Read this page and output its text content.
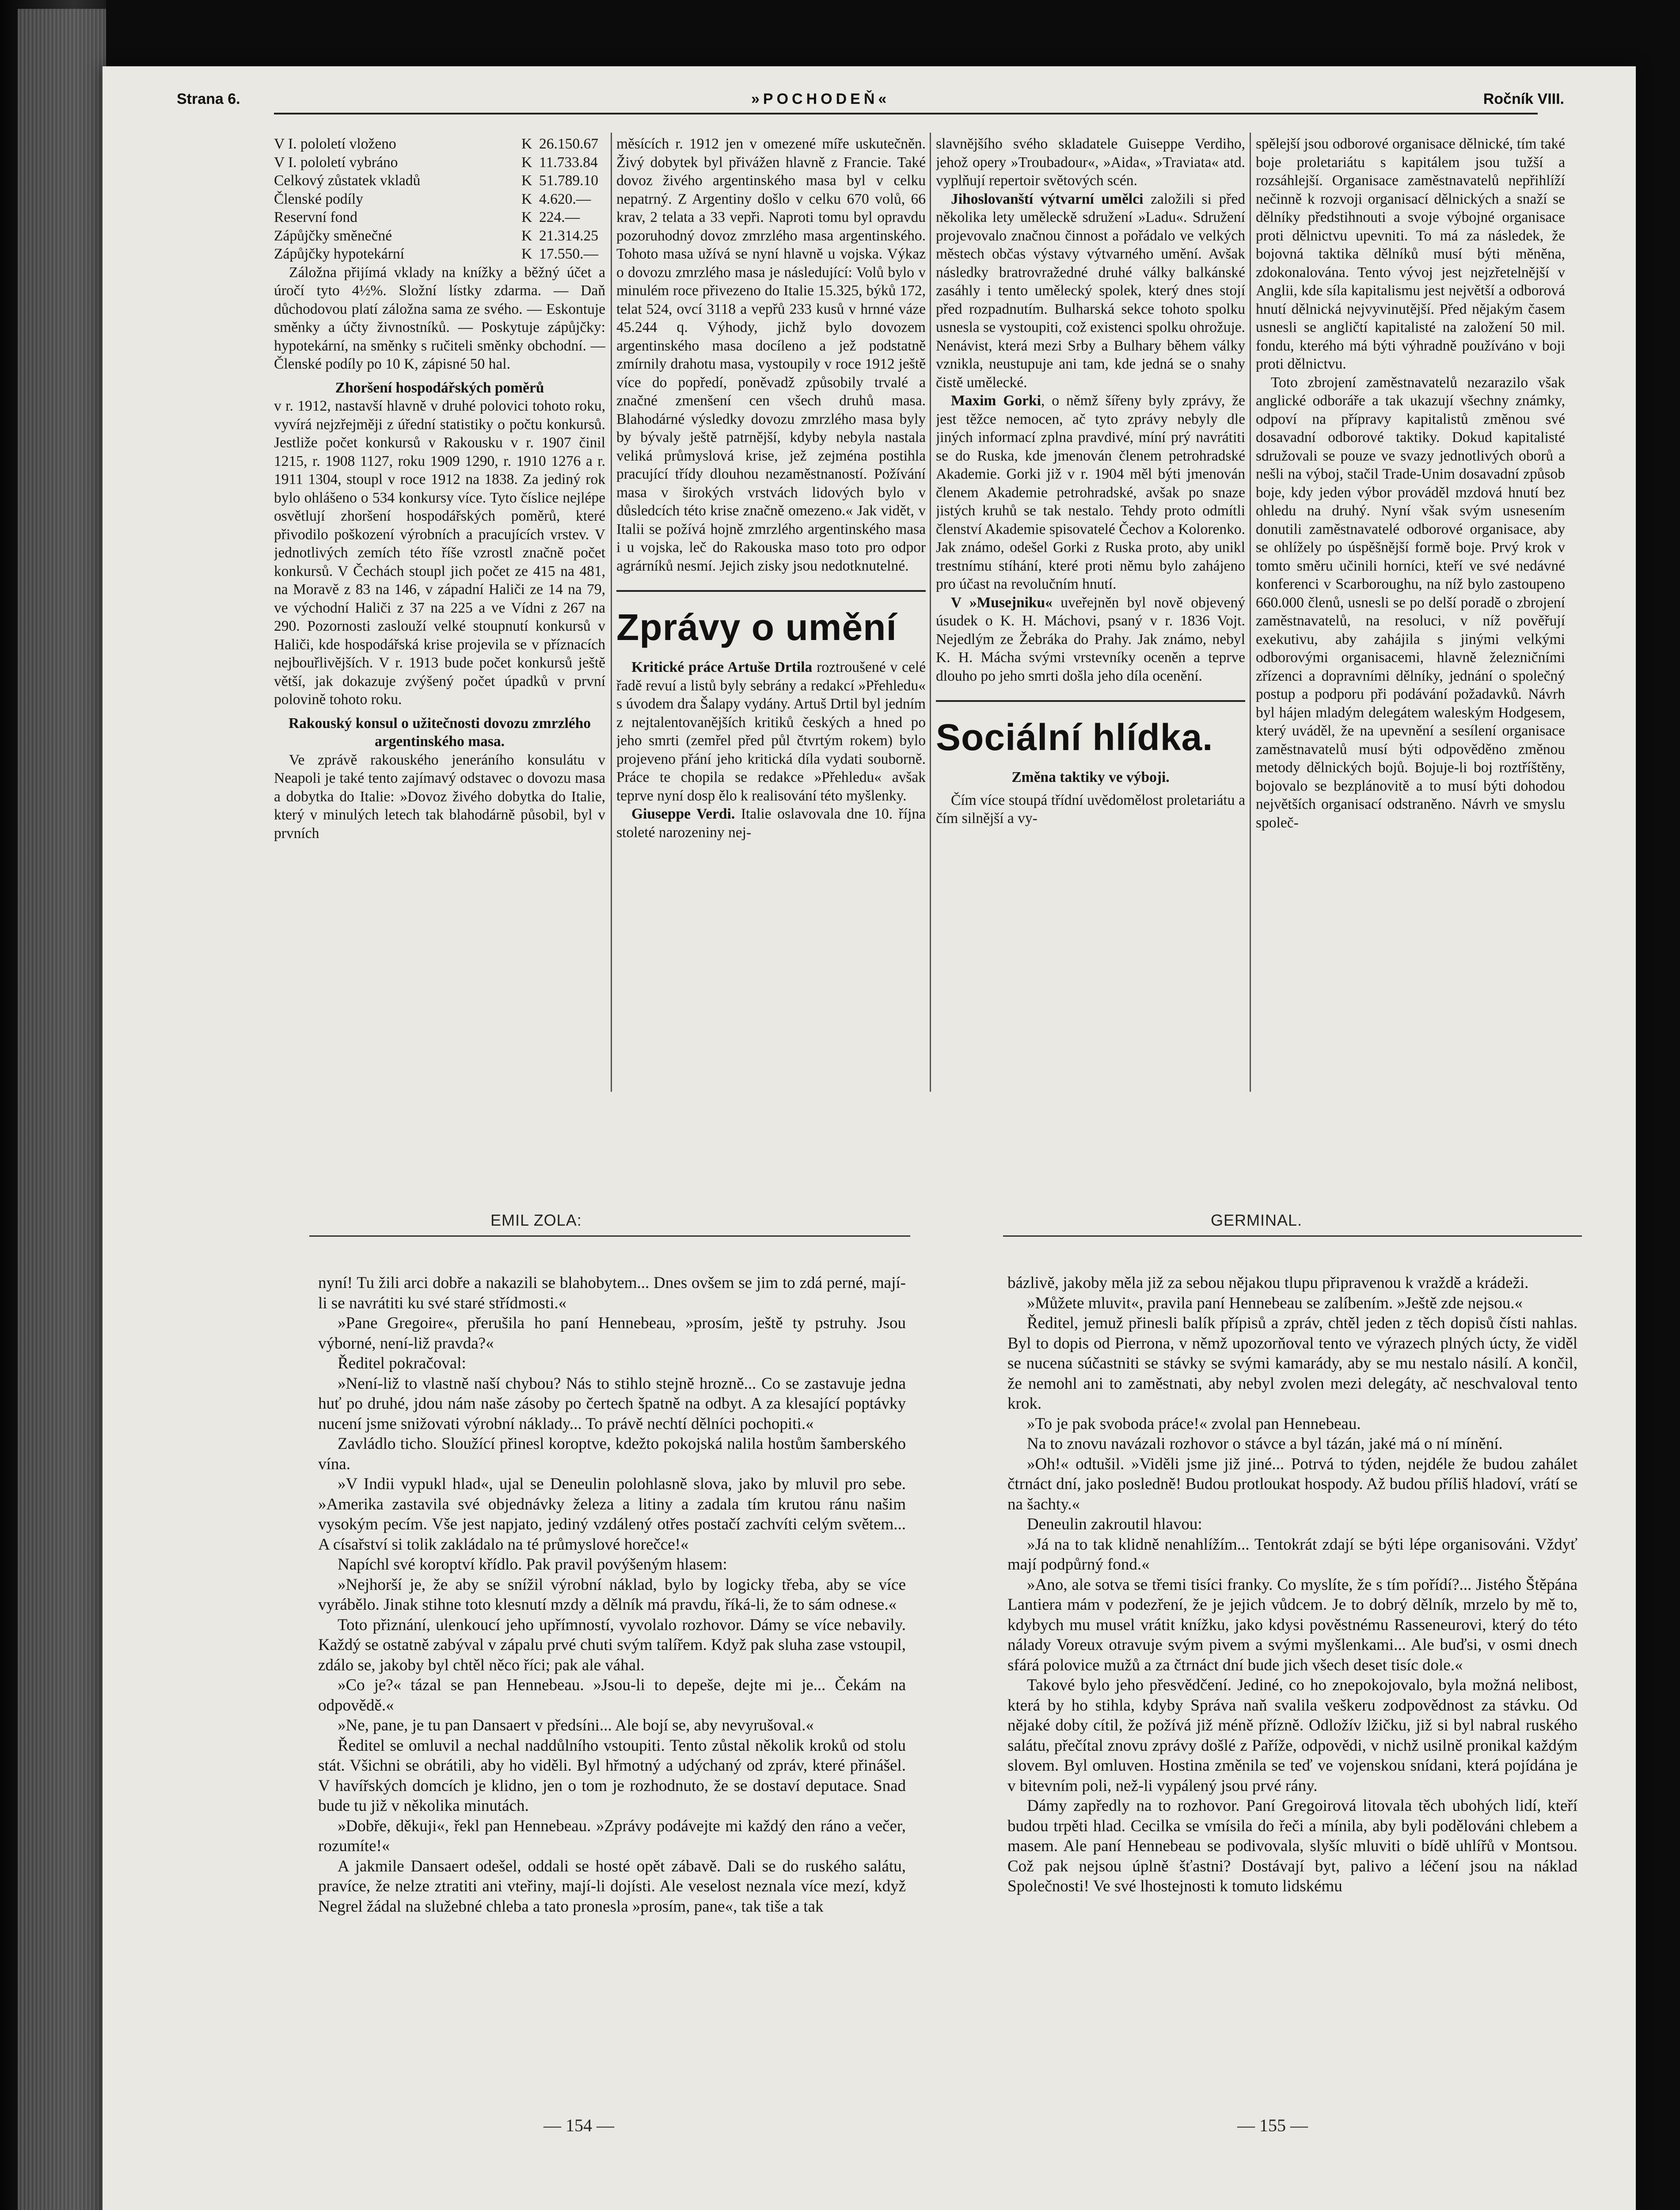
Strana 6.	»POCHODEŇ«	Ročník VIII.
V I. pololetí vloženo	K	26.150.67
V I. pololetí vybráno	K	11.733.84
Celkový zůstatek vkladů	K	51.789.10
Členské podíly	K	4.620.—
Reservní fond	K	224.—
Zápůjčky směnečné	K	21.314.25
Zápůjčky hypotekární	K	17.550.—

Záložna přijímá vklady na knížky a běžný účet a úročí tyto 4½%. Složní lístky zdarma. — Daň důchodovou platí záložna sama ze svého. — Eskontuje směnky a účty živnostníků. — Poskytuje zápůjčky: hypotekární, na směnky s ručiteli směnky obchodní. — Členské podíly po 10 K, zápisné 50 hal.

Zhoršení hospodářských poměrů

v r. 1912, nastavší hlavně v druhé polovici tohoto roku, vyvírá nejzřejměji z úřední statistiky o počtu konkursů. Jestliže počet konkursů v Rakousku v r. 1907 činil 1215, r. 1908 1127, roku 1909 1290, r. 1910 1276 a r. 1911 1304, stoupl v roce 1912 na 1838. Za jediný rok bylo ohlášeno o 534 konkursy více. Tyto číslice nejlépe osvětlují zhoršení hospodářských poměrů, které přivodilo poškození výrobních a pracujících vrstev. V jednotlivých zemích této říše vzrostl značně počet konkursů. V Čechách stoupl jich počet ze 415 na 481, na Moravě z 83 na 146, v západní Haliči ze 14 na 79, ve východní Haliči z 37 na 225 a ve Vídni z 267 na 290. Pozornosti zaslouží velké stoupnutí konkursů v Haliči, kde hospodářská krise projevila se v příznacích nejbouřlivějších. V r. 1913 bude počet konkursů ještě větší, jak dokazuje zvýšený počet úpadků v první polovině tohoto roku.

Rakouský konsul o užitečnosti dovozu zmrzlého argentinského masa.

Ve zprávě rakouského jeneráního konsulátu v Neapoli je také tento zajímavý odstavec o dovozu masa a dobytka do Italie: »Dovoz živého dobytka do Italie, který v minulých letech tak blahodárně působil, byl v prvních

měsících r. 1912 jen v omezené míře uskutečněn. Živý dobytek byl přivážen hlavně z Francie. Také dovoz živého argentinského masa byl v celku nepatrný. Z Argentiny došlo v celku 670 volů, 66 krav, 2 telata a 33 vepři. Naproti tomu byl opravdu pozoruhodný dovoz zmrzlého masa argentinského. Tohoto masa užívá se nyní hlavně u vojska. Výkaz o dovozu zmrzlého masa je následující: Volů bylo v minulém roce přivezeno do Italie 15.325, býků 172, telat 524, ovcí 3118 a vepřů 233 kusů v hrnné váze 45.244 q. Výhody, jichž bylo dovozem argentinského masa docíleno a jež podstatně zmírnily drahotu masa, vystoupily v roce 1912 ještě více do popředí, poněvadž způsobily trvalé a značné zmenšení cen všech druhů masa. Blahodárné výsledky dovozu zmrzlého masa byly by bývaly ještě patrnější, kdyby nebyla nastala veliká průmyslová krise, jež zejména postihla pracující třídy dlouhou nezaměstnaností. Požívání masa v širokých vrstvách lidových bylo v důsledcích této krise značně omezeno.« Jak vidět, v Italii se požívá hojně zmrzlého argentinského masa i u vojska, leč do Rakouska maso toto pro odpor agrárníků nesmí. Jejich zisky jsou nedotknutelné.

Zprávy o umění

Kritické práce Artuše Drtila roztroušené v celé řadě revuí a listů byly sebrány a redakcí »Přehledu« s úvodem dra Šalapy vydány. Artuš Drtil byl jedním z nejtalentovanějších kritiků českých a hned po jeho smrti (zemřel před půl čtvrtým rokem) bylo projeveno přání jeho kritická díla vydati souborně. Práce te chopila se redakce »Přehledu« avšak teprve nyní dosp ělo k realisování této myšlenky.

Giuseppe Verdi. Italie oslavovala dne 10. října stoleté narozeniny nej-

slavnějšího svého skladatele Guiseppe Verdiho, jehož opery »Troubadour«, »Aida«, »Traviata« atd. vyplňují repertoir světových scén.

Jihoslovanští výtvarní umělci založili si před několika lety uměleckě sdružení »Ladu«. Sdružení projevovalo značnou činnost a pořádalo ve velkých městech občas výstavy výtvarného umění. Avšak následky bratrovražedné druhé války balkánské zasáhly i tento umělecký spolek, který dnes stojí před rozpadnutím. Bulharská sekce tohoto spolku usnesla se vystoupiti, což existenci spolku ohrožuje. Nenávist, která mezi Srby a Bulhary během války vznikla, neustupuje ani tam, kde jedná se o snahy čistě umělecké.

Maxim Gorki, o němž šířeny byly zprávy, že jest těžce nemocen, ač tyto zprávy nebyly dle jiných informací zplna pravdivé, míní prý navrátiti se do Ruska, kde jmenován členem petrohradské Akademie. Gorki již v r. 1904 měl býti jmenován členem Akademie petrohradské, avšak po snaze jistých kruhů se tak nestalo. Tehdy proto odmítli členství Akademie spisovatelé Čechov a Kolorenko. Jak známo, odešel Gorki z Ruska proto, aby unikl trestnímu stíhání, které proti němu bylo zahájeno pro účast na revolučním hnutí.

V »Museјniku« uveřejněn byl nově objevený úsudek o K. H. Máchovi, psaný v r. 1836 Vojt. Nejedlým ze Žebráka do Prahy. Jak známo, nebyl K. H. Mácha svými vrstevníky oceněn a teprve dlouho po jeho smrti došla jeho díla ocenění.

Sociální hlídka.
Změna taktiky ve výboji.

Čím více stoupá třídní uvědomělost proletariátu a čím silnější a vy-

spělejší jsou odborové organisace dělnické, tím také boje proletariátu s kapitálem jsou tužší a rozsáhlejší. Organisace zaměstnavatelů nepřihlíží nečinně k rozvoji organisací dělnických a snaží se dělníky předstihnouti a svoje výbojné organisace proti dělnictvu upevniti. To má za následek, že bojovná taktika dělníků musí býti měněna, zdokonalována. Tento vývoj jest nejzřetelnější v Anglii, kde síla kapitalismu jest největší a odborová hnutí dělnická nejvyvinutější. Před nějakým časem usnesli se angličtí kapitalisté na založení 50 mil. fondu, kterého má býti výhradně používáno v boji proti dělnictvu.

Toto zbrojení zaměstnavatelů nezarazilo však anglické odboráře a tak ukazují všechny známky, odpoví na přípravy kapitalistů změnou své dosavadní odborové taktiky. Dokud kapitalisté sdružovali se pouze ve svazy jednotlivých oborů a nešli na výboj, stačil Trade-Unim dosavadní způsob boje, kdy jeden výbor prováděl mzdová hnutí bez ohledu na druhý. Nyní však svým usnesením donutili zaměstnavatelé odborové organisace, aby se ohlížely po úspěšnější formě boje. Prvý krok v tomto směru učinili horníci, kteří ve své nedávné konferenci v Scarboroughu, na níž bylo zastoupeno 660.000 členů, usnesli se po delší poradě o zbrojení zaměstnavatelů, na resoluci, v níž pověřují exekutivu, aby zahájila s jinými velkými odborovými organisacemi, hlavně železničními zřízenci a dopravními dělníky, jednání o společný postup a podporu při podávání požadavků. Návrh byl hájen mladým delegátem waleským Hodgesem, který uváděl, že na upevnění a sesílení organisace zaměstnavatelů musí býti odpověděno změnou metody dělnických bojů. Bojuje-li boj roztříštěny, bojovalo se bezplánovitě a to musí býti dohodou největších organisací odstraněno. Návrh ve smyslu společ-

EMIL ZOLA:	GERMINAL.

nyní! Tu žili arci dobře a nakazili se blahobytem... Dnes ovšem se jim to zdá perné, mají-li se navrátiti ku své staré střídmosti.«

»Pane Gregoire«, přerušila ho paní Hennebeau, »prosím, ještě ty pstruhy. Jsou výborné, není-liž pravda?«

Ředitel pokračoval:

»Není-liž to vlastně naší chybou? Nás to stihlo stejně hrozně... Co se zastavuje jedna huť po druhé, jdou nám naše zásoby po čertech špatně na odbyt. A za klesající poptávky nucení jsme snižovati výrobní náklady... To právě nechtí dělníci pochopiti.«

Zavládlo ticho. Sloužící přinesl koroptve, kdežto pokojská nalila hostům šamberského vína.

»V Indii vypukl hlad«, ujal se Deneulin polohlasně slova, jako by mluvil pro sebe. »Amerika zastavila své objednávky železa a litiny a zadala tím krutou ránu našim vysokým pecím. Vše jest napjato, jediný vzdálený otřes postačí zachvíti celým světem... A císařství si tolik zakládalo na té průmyslové horečce!«

Napíchl své koroptví křídlo. Pak pravil povýšeným hlasem:

»Nejhorší je, že aby se snížil výrobní náklad, bylo by logicky třeba, aby se více vyrábělo. Jinak stihne toto klesnutí mzdy a dělník má pravdu, říká-li, že to sám odnese.«

Toto přiznání, ulenkoucí jeho upřímností, vyvolalo rozhovor. Dámy se více nebavily. Každý se ostatně zabýval v zápalu prvé chuti svým talířem. Když pak sluha zase vstoupil, zdálo se, jakoby byl chtěl něco říci; pak ale váhal.

»Co je?« tázal se pan Hennebeau. »Jsou-li to depeše, dejte mi je... Čekám na odpovědě.«

»Ne, pane, je tu pan Dansaert v předsíni... Ale bojí se, aby nevyrušoval.«

Ředitel se omluvil a nechal naddůlního vstoupiti. Tento zůstal několik kroků od stolu stát. Všichni se obrátili, aby ho viděli. Byl hřmotný a udýchaný od zpráv, které přinášel. V havířských domcích je klidno, jen o tom je rozhodnuto, že se dostaví deputace. Snad bude tu již v několika minutách.

»Dobře, děkuji«, řekl pan Hennebeau. »Zprávy podávejte mi každý den ráno a večer, rozumíte!«

A jakmile Dansaert odešel, oddali se hosté opět zábavě. Dali se do ruského salátu, pravíce, že nelze ztratiti ani vteřiny, mají-li dojísti. Ale veselost neznala více mezí, když Negrel žádal na služebné chleba a tato pronesla »prosím, pane«, tak tiše a tak

bázlivě, jakoby měla již za sebou nějakou tlupu připravenou k vraždě a krádeži.

»Můžete mluvit«, pravila paní Hennebeau se zalíbením. »Ještě zde nejsou.«

Ředitel, jemuž přinesli balík přípisů a zpráv, chtěl jeden z těch dopisů čísti nahlas. Byl to dopis od Pierrona, v němž upozorňoval tento ve výrazech plných úcty, že viděl se nucena súčastniti se stávky se svými kamarády, aby se mu nestalo násilí. A končil, že nemohl ani to zaměstnati, aby nebyl zvolen mezi delegáty, ač neschvaloval tento krok.

»To je pak svoboda práce!« zvolal pan Hennebeau.

Na to znovu navázali rozhovor o stávce a byl tázán, jaké má o ní mínění.

»Oh!« odtušil. »Viděli jsme již jiné... Potrvá to týden, nejdéle že budou zahálet čtrnáct dní, jako posledně! Budou protloukat hospody. Až budou příliš hladoví, vrátí se na šachty.«

Deneulin zakroutil hlavou:

»Já na to tak klidně nenahlížím... Tentokrát zdají se býti lépe organisováni. Vždyť mají podpůrný fond.«

»Ano, ale sotva se třemi tisíci franky. Co myslíte, že s tím pořídí?... Jistého Štěpána Lantiera mám v podezření, že je jejich vůdcem. Je to dobrý dělník, mrzelo by mě to, kdybych mu musel vrátit knížku, jako kdysi pověstnému Rasseneurovi, který do této nálady Voreux otravuje svým pivem a svými myšlenkami... Ale buďsi, v osmi dnech sfárá polovice mužů a za čtrnáct dní bude jich všech deset tisíc dole.«

Takové bylo jeho přesvědčení. Jediné, co ho znepokojovalo, byla možná nelibost, která by ho stihla, kdyby Správa naň svalila veškeru zodpovědnost za stávku. Od nějaké doby cítil, že požívá již méně přízně. Odložív lžičku, již si byl nabral ruského salátu, přečítal znovu zprávy došlé z Paříže, odpovědi, v nichž usilně pronikal každým slovem. Byl omluven. Hostina změnila se teď ve vojenskou snídani, která pojídána je v bitevním poli, než-li vypálený jsou prvé rány.

Dámy zapředly na to rozhovor. Paní Gregoirová litovala těch ubohých lidí, kteří budou trpěti hlad. Cecilka se vmísila do řeči a mínila, aby byli podělováni chlebem a masem. Ale paní Hennebeau se podivovala, slyšíc mluviti o bídě uhlířů v Montsou. Což pak nejsou úplně šťastni? Dostávají byt, palivo a léčení jsou na náklad Společnosti! Ve své lhostejnosti k tomuto lidskému

— 154 —	— 155 —
